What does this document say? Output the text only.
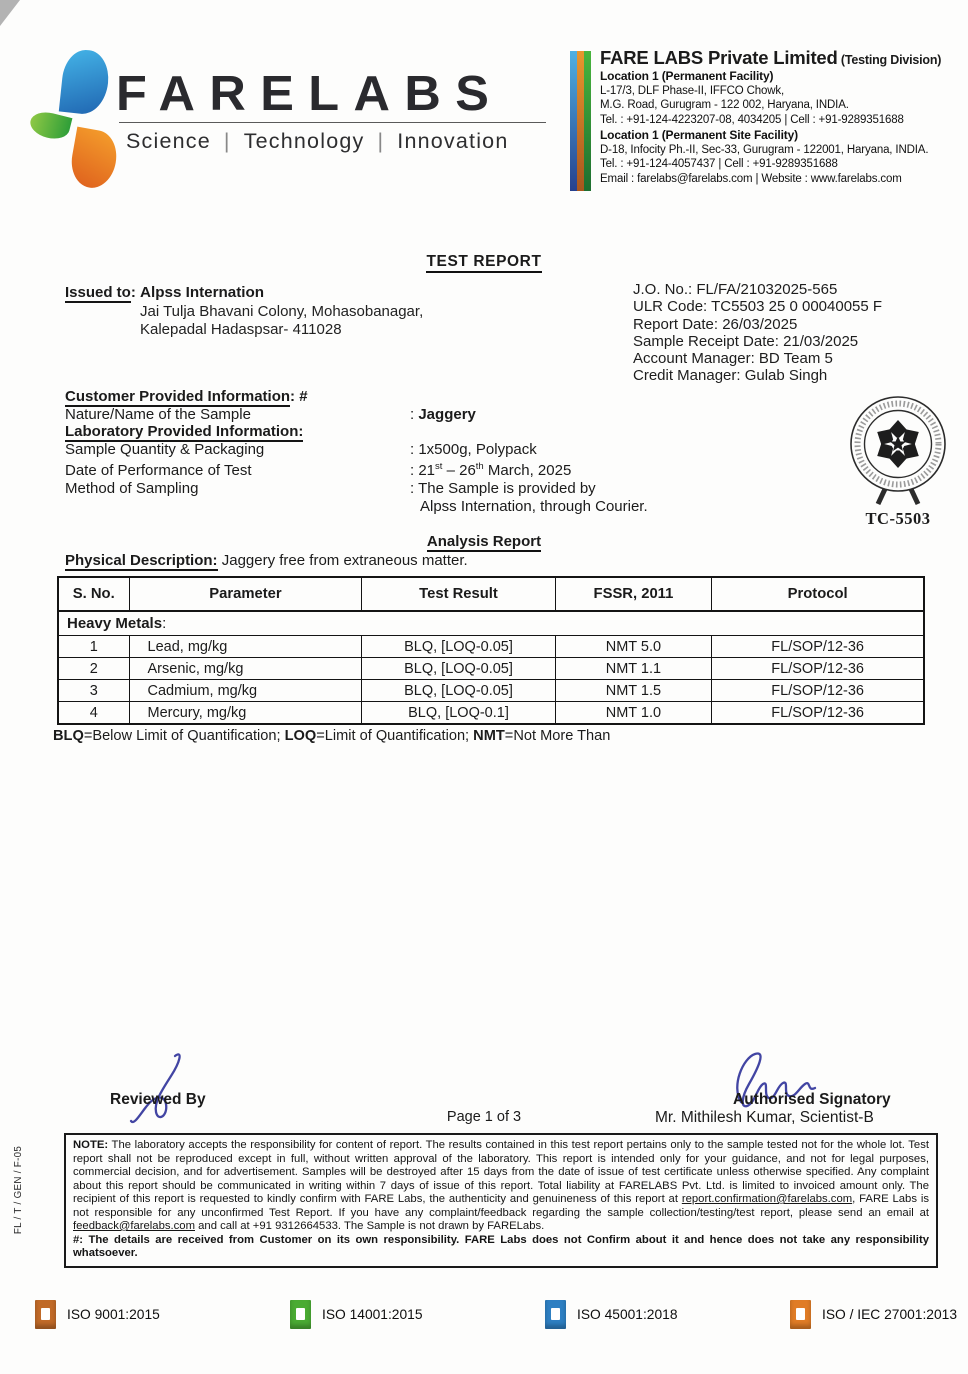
FARELABS
Science | Technology | Innovation
FARE LABS Private Limited (Testing Division)
Location 1 (Permanent Facility)
L-17/3, DLF Phase-II, IFFCO Chowk,
M.G. Road, Gurugram - 122 002, Haryana, INDIA.
Tel. : +91-124-4223207-08, 4034205 | Cell : +91-9289351688
Location 1 (Permanent Site Facility)
D-18, Infocity Ph.-II, Sec-33, Gurugram - 122001, Haryana, INDIA.
Tel. : +91-124-4057437 | Cell : +91-9289351688
Email : farelabs@farelabs.com | Website : www.farelabs.com
TEST REPORT
Issued to: Alpss Internation
Jai Tulja Bhavani Colony, Mohasobanagar,
Kalepadal Hadaspsar- 411028
J.O. No.: FL/FA/21032025-565
ULR Code: TC5503 25 0 00040055 F
Report Date: 26/03/2025
Sample Receipt Date: 21/03/2025
Account Manager: BD Team 5
Credit Manager: Gulab Singh
Customer Provided Information: #
Nature/Name of the Sample	: Jaggery
Laboratory Provided Information:
Sample Quantity & Packaging	: 1x500g, Polypack
Date of Performance of Test	: 21st – 26th March, 2025
Method of Sampling	: The Sample is provided by
Alpss Internation, through Courier.
TC-5503
Analysis Report
Physical Description: Jaggery free from extraneous matter.
S. No.	Parameter	Test Result	FSSR, 2011	Protocol
Heavy Metals:				
1	Lead, mg/kg	BLQ, [LOQ-0.05]	NMT 5.0	FL/SOP/12-36
2	Arsenic, mg/kg	BLQ, [LOQ-0.05]	NMT 1.1	FL/SOP/12-36
3	Cadmium, mg/kg	BLQ, [LOQ-0.05]	NMT 1.5	FL/SOP/12-36
4	Mercury, mg/kg	BLQ, [LOQ-0.1]	NMT 1.0	FL/SOP/12-36
BLQ=Below Limit of Quantification; LOQ=Limit of Quantification; NMT=Not More Than
Reviewed By
Page 1 of 3
Authorised Signatory
Mr. Mithilesh Kumar, Scientist-B
NOTE: The laboratory accepts the responsibility for content of report. The results contained in this test report pertains only to the sample tested not for the whole lot. Test report shall not be reproduced except in full, without written approval of the laboratory. This report is intended only for your guidance, and not for legal purposes, commercial decision, and for advertisement. Samples will be destroyed after 15 days from the date of issue of test certificate unless otherwise specified. Any complaint about this report should be communicated in writing within 7 days of issue of this report. Total liability at FARELABS Pvt. Ltd. is limited to invoiced amount only. The recipient of this report is requested to kindly confirm with FARE Labs, the authenticity and genuineness of this report at report.confirmation@farelabs.com, FARE Labs is not responsible for any unconfirmed Test Report. If you have any complaint/feedback regarding the sample collection/testing/test report, please send an email at feedback@farelabs.com and call at +91 9312664533. The Sample is not drawn by FARELabs.
#: The details are received from Customer on its own responsibility. FARE Labs does not Confirm about it and hence does not take any responsibility whatsoever.
FL / T / GEN / F-05
ISO 9001:2015	ISO 14001:2015	ISO 45001:2018	ISO / IEC 27001:2013
